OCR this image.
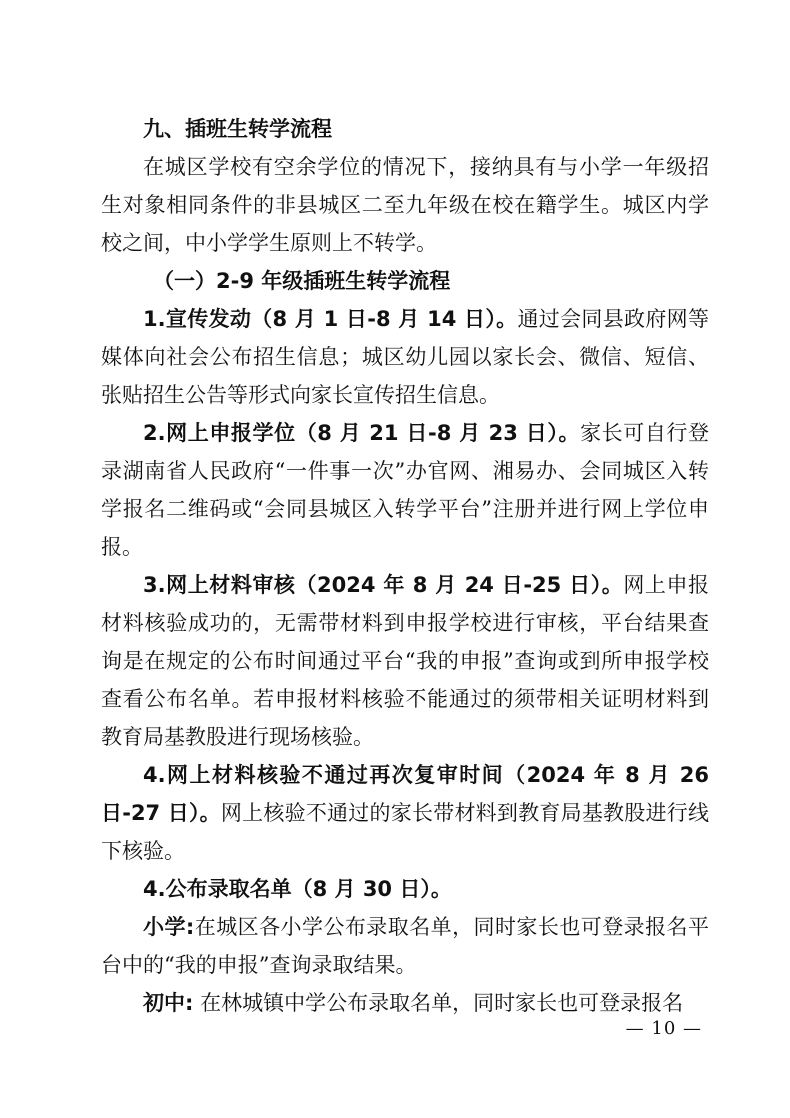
九、插班生转学流程

在城区学校有空余学位的情况下，接纳具有与小学一年级招生对象相同条件的非县城区二至九年级在校在籍学生。城区内学校之间，中小学学生原则上不转学。

（一）2-9 年级插班生转学流程

1.宣传发动（8 月 1 日-8 月 14 日）。通过会同县政府网等媒体向社会公布招生信息；城区幼儿园以家长会、微信、短信、张贴招生公告等形式向家长宣传招生信息。

2.网上申报学位（8 月 21 日-8 月 23 日）。家长可自行登录湖南省人民政府“一件事一次”办官网、湘易办、会同城区入转学报名二维码或“会同县城区入转学平台”注册并进行网上学位申报。

3.网上材料审核（2024 年 8 月 24 日-25 日）。网上申报材料核验成功的，无需带材料到申报学校进行审核，平台结果查询是在规定的公布时间通过平台“我的申报”查询或到所申报学校查看公布名单。若申报材料核验不能通过的须带相关证明材料到教育局基教股进行现场核验。

4.网上材料核验不通过再次复审时间（2024 年 8 月 26 日-27 日）。网上核验不通过的家长带材料到教育局基教股进行线下核验。

4.公布录取名单（8 月 30 日）。

小学:在城区各小学公布录取名单，同时家长也可登录报名平台中的“我的申报”查询录取结果。

初中: 在林城镇中学公布录取名单，同时家长也可登录报名

— 10 —
